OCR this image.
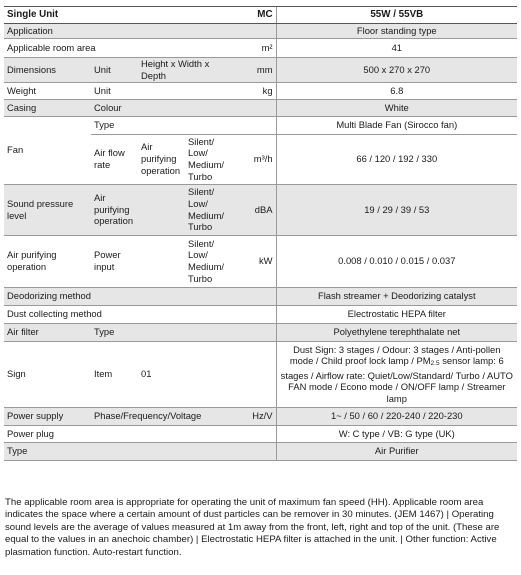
Single Unit			MC		55W / 55VB
Application					Floor standing type
Applicable room area				m²	41
Dimensions	Unit	Height x Width x Depth		mm	500 x 270 x 270
Weight	Unit			kg	6.8
Casing	Colour				White
Fan	Type				Multi Blade Fan (Sirocco fan)
	Air flow rate	Air purifying operation	Silent/ Low/ Medium/ Turbo	m³/h	66 / 120 / 192 / 330
Sound pressure level	Air purifying operation		Silent/ Low/ Medium/ Turbo	dBA	19 / 29 / 39 / 53
Air purifying operation	Power input		Silent/ Low/ Medium/ Turbo	kW	0.008 / 0.010 / 0.015 / 0.037
Deodorizing method					Flash streamer + Deodorizing catalyst
Dust collecting method					Electrostatic HEPA filter
Air filter	Type				Polyethylene terephthalate net
Sign	Item	01			Dust Sign: 3 stages / Odour: 3 stages / Anti-pollen mode / Child proof lock lamp / PM2.5 sensor lamp: 6 stages / Airflow rate: Quiet/Low/Standard/ Turbo / AUTO FAN mode / Econo mode / ON/OFF lamp / Streamer lamp
Power supply	Phase/Frequency/Voltage			Hz/V	1~ / 50 / 60 / 220-240 / 220-230
Power plug					W: C type / VB: G type (UK)
Type					Air Purifier
The applicable room area is appropriate for operating the unit of maximum fan speed (HH). Applicable room area indicates the space where a certain amount of dust particles can be remover in 30 minutes. (JEM 1467) | Operating sound levels are the average of values measured at 1m away from the front, left, right and top of the unit. (These are equal to the values in an anechoic chamber) | Electrostatic HEPA filter is attached in the unit. | Other function: Active plasmation function. Auto-restart function.
